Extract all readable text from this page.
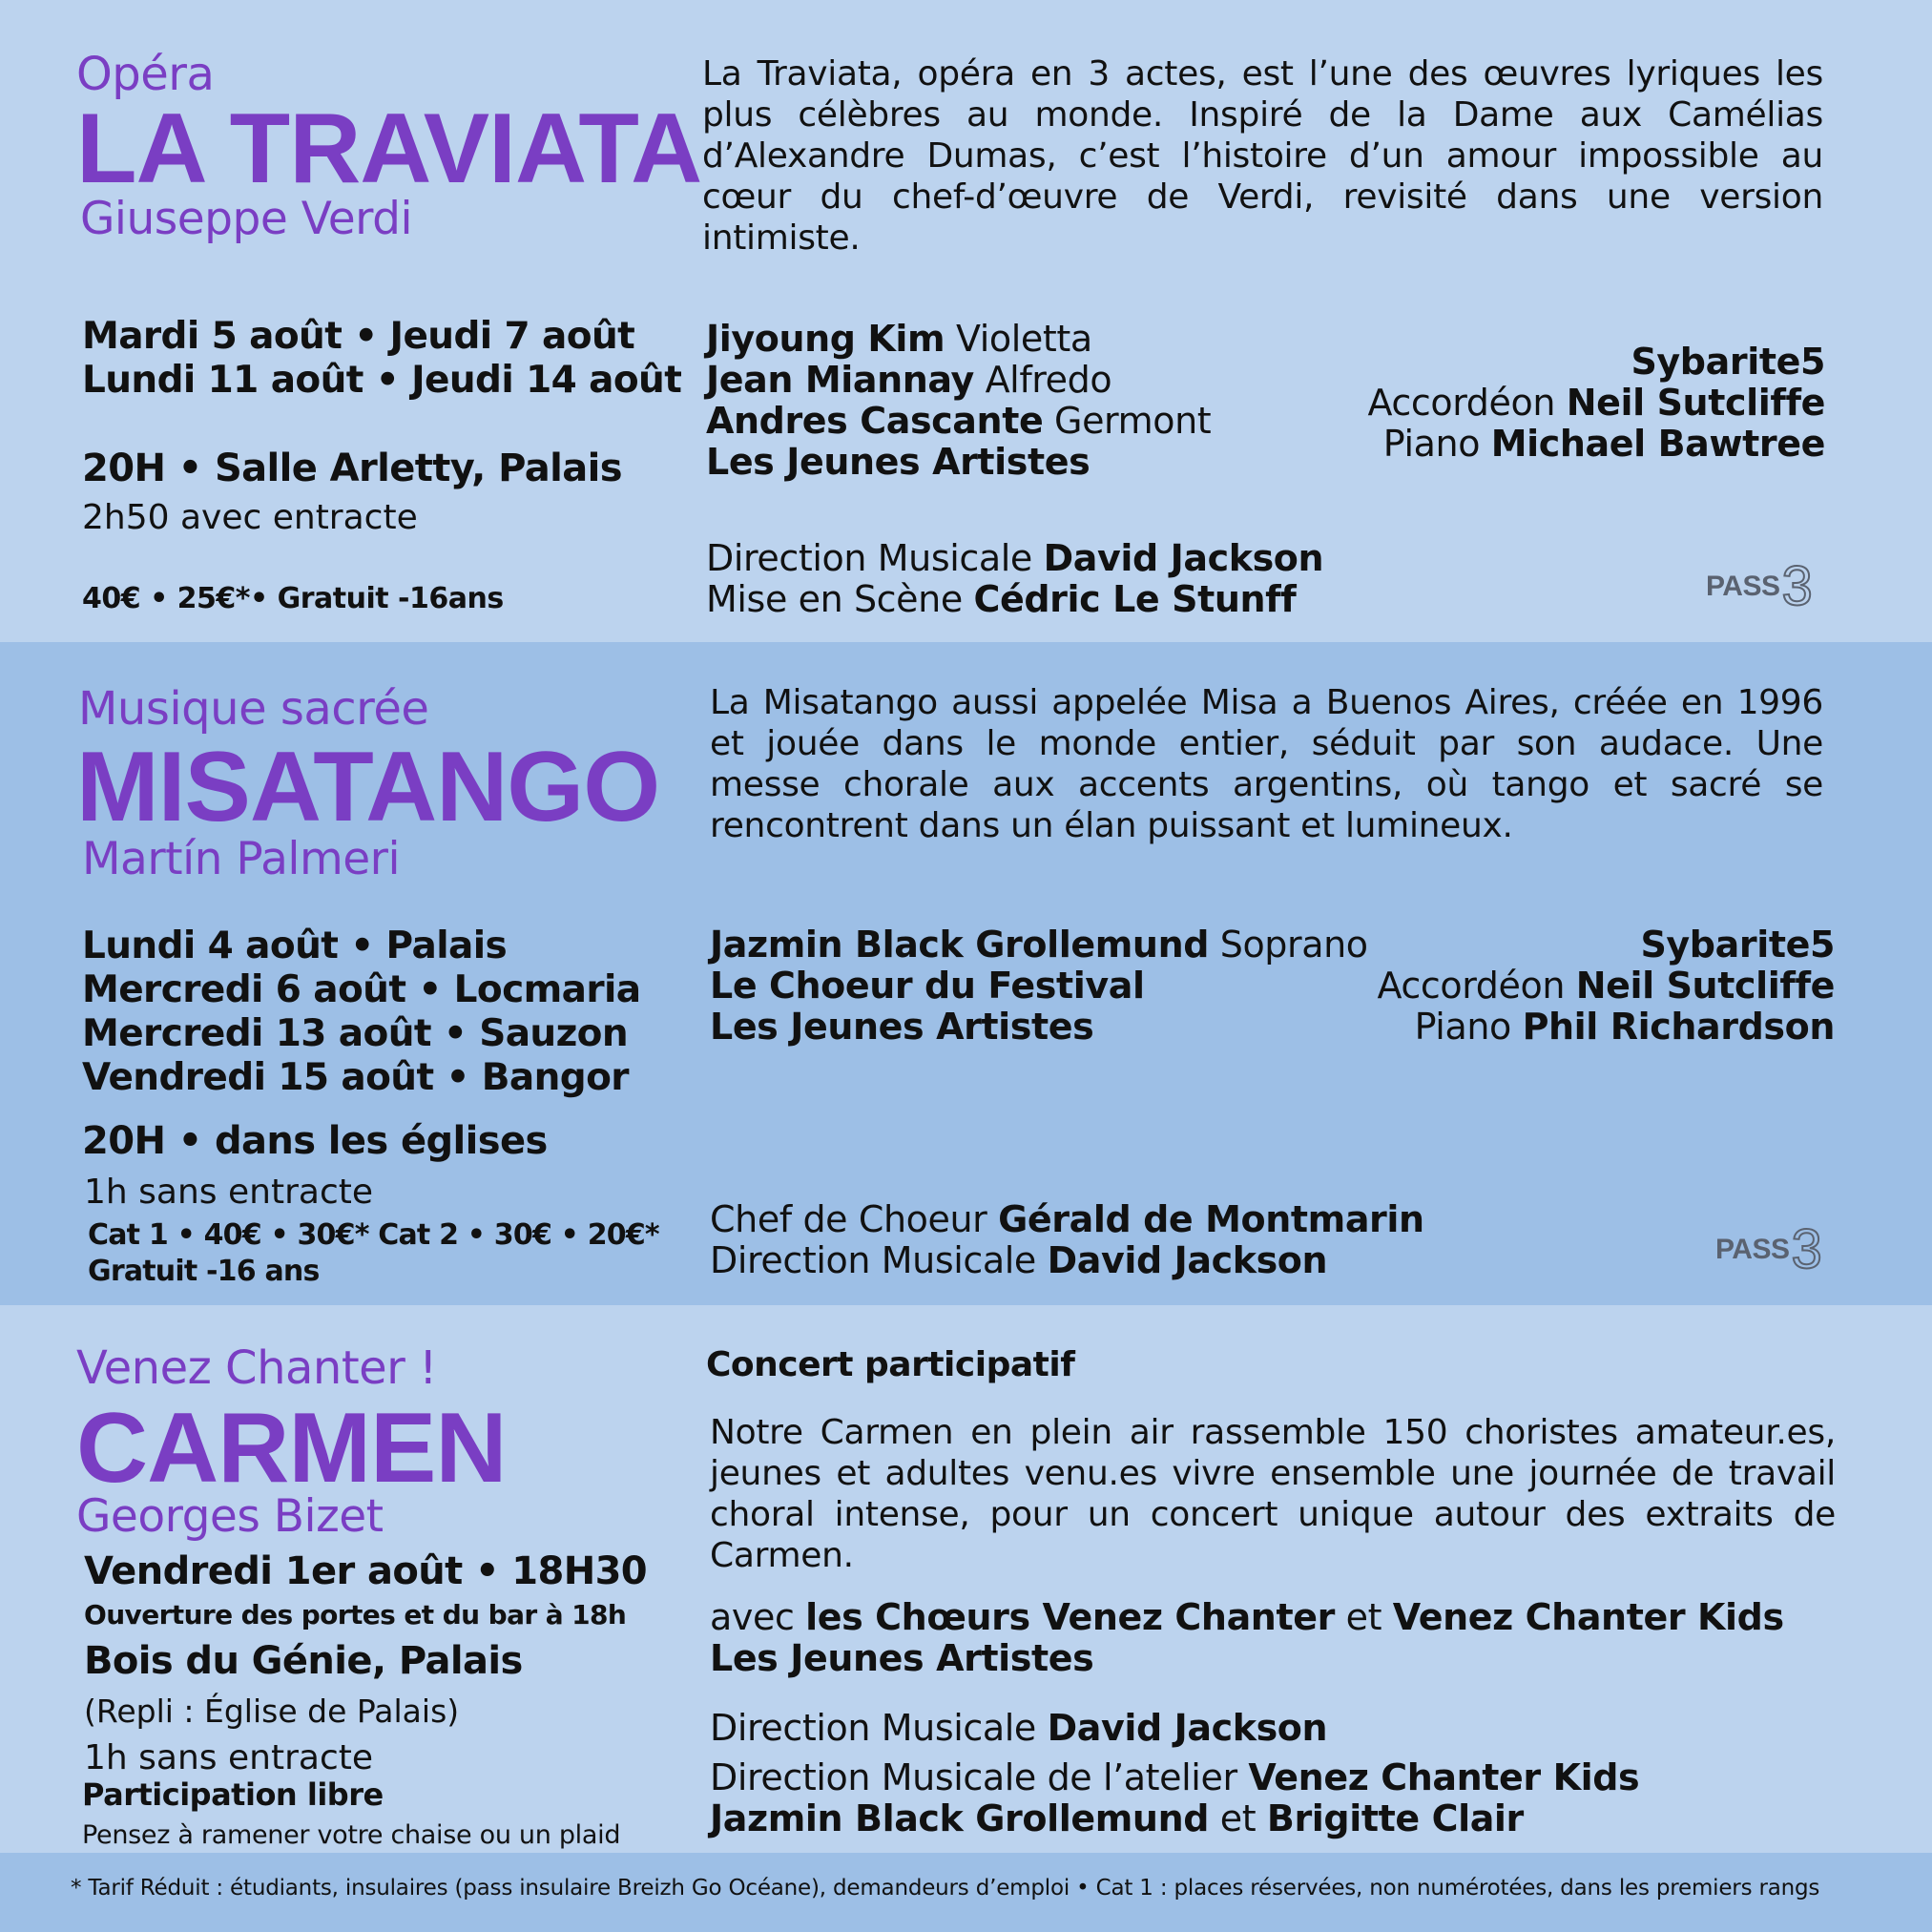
Opéra
LA TRAVIATA
Giuseppe Verdi
La Traviata, opéra en 3 actes, est l’une des œuvres lyriques les plus célèbres au monde. Inspiré de la Dame aux Camélias d’Alexandre Dumas, c’est l’histoire d’un amour impossible au cœur du chef-d’œuvre de Verdi, revisité dans une version intimiste.
Mardi 5 août • Jeudi 7 août
Lundi 11 août • Jeudi 14 août
20H • Salle Arletty, Palais
2h50 avec entracte
40€ • 25€*• Gratuit -16ans
Jiyoung Kim Violetta
Jean Miannay Alfredo
Andres Cascante Germont
Les Jeunes Artistes
Sybarite5
Accordéon Neil Sutcliffe
Piano Michael Bawtree
Direction Musicale David Jackson
Mise en Scène Cédric Le Stunff	PASS 3
Musique sacrée
MISATANGO
Martín Palmeri
La Misatango aussi appelée Misa a Buenos Aires, créée en 1996 et jouée dans le monde entier, séduit par son audace. Une messe chorale aux accents argentins, où tango et sacré se rencontrent dans un élan puissant et lumineux.
Lundi 4 août • Palais
Mercredi 6 août • Locmaria
Mercredi 13 août • Sauzon
Vendredi 15 août • Bangor
20H • dans les églises
1h sans entracte
Cat 1 • 40€ • 30€* Cat 2 • 30€ • 20€*
Gratuit -16 ans
Jazmin Black Grollemund Soprano
Le Choeur du Festival
Les Jeunes Artistes
Sybarite5
Accordéon Neil Sutcliffe
Piano Phil Richardson
Chef de Choeur Gérald de Montmarin
Direction Musicale David Jackson	PASS 3
Venez Chanter !
CARMEN
Georges Bizet
Vendredi 1er août • 18H30
Ouverture des portes et du bar à 18h
Bois du Génie, Palais
(Repli : Église de Palais)
1h sans entracte
Participation libre
Pensez à ramener votre chaise ou un plaid
Concert participatif
Notre Carmen en plein air rassemble 150 choristes amateur.es, jeunes et adultes venu.es vivre ensemble une journée de travail choral intense, pour un concert unique autour des extraits de Carmen.
avec les Chœurs Venez Chanter et Venez Chanter Kids
Les Jeunes Artistes
Direction Musicale David Jackson
Direction Musicale de l’atelier Venez Chanter Kids
Jazmin Black Grollemund et Brigitte Clair
* Tarif Réduit : étudiants, insulaires (pass insulaire Breizh Go Océane), demandeurs d’emploi • Cat 1 : places réservées, non numérotées, dans les premiers rangs
